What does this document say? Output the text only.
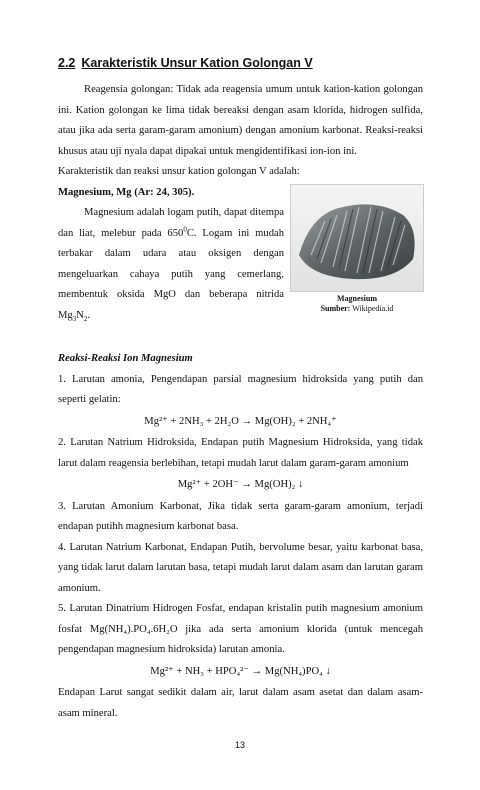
2.2 Karakteristik Unsur Kation Golongan V

Reagensia golongan: Tidak ada reagensia umum untuk kation-kation golongan ini. Kation golongan ke lima tidak bereaksi dengan asam klorida, hidrogen sulfida, atau jika ada serta garam-garam amonium) dengan amonium karbonat. Reaksi-reaksi khusus atau uji nyala dapat dipakai untuk mengidentifikasi ion-ion ini.

Karakteristik dan reaksi unsur kation golongan V adalah:

Magnesium, Mg (Ar: 24, 305).

Magnesium adalah logam putih, dapat ditempa dan liat, melebur pada $650^0C$. Logam ini mudah terbakar dalam udara atau oksigen dengan mengeluarkan cahaya putih yang cemerlang, membentuk oksida MgO dan beberapa nitrida $Mg_3N_2$.

Magnesium
Sumber: Wikipedia.id

Reaksi-Reaksi Ion Magnesium

1. Larutan amonia, Pengendapan parsial magnesium hidroksida yang putih dan seperti gelatin:

Mg²⁺ + 2NH₃ + 2H₂O → Mg(OH)₂ + 2NH₄⁺

2. Larutan Natrium Hidroksida, Endapan putih Magnesium Hidroksida, yang tidak larut dalam reagensia berlebihan, tetapi mudah larut dalam garam-garam amonium

Mg²⁺ + 2OH⁻ → Mg(OH)₂ ↓

3. Larutan Amonium Karbonat, Jika tidak serta garam-garam amonium, terjadi endapan putihh magnesium karbonat basa.

4. Larutan Natrium Karbonat, Endapan Putih, bervolume besar, yaitu karbonat basa, yang tidak larut dalam larutan basa, tetapi mudah larut dalam asam dan larutan garam amonium.

5. Larutan Dinatrium Hidrogen Fosfat, endapan kristalin putih magnesium amonium fosfat Mg(NH₄).PO₄.6H₂O jika ada serta amonium klorida (untuk mencegah pengendapan magnesium hidroksida) larutan amonia.

Mg²⁺ + NH₃ + HPO₄²⁻ → Mg(NH₄)PO₄ ↓

Endapan Larut sangat sedikit dalam air, larut dalam asam asetat dan dalam asam-asam mineral.

13
